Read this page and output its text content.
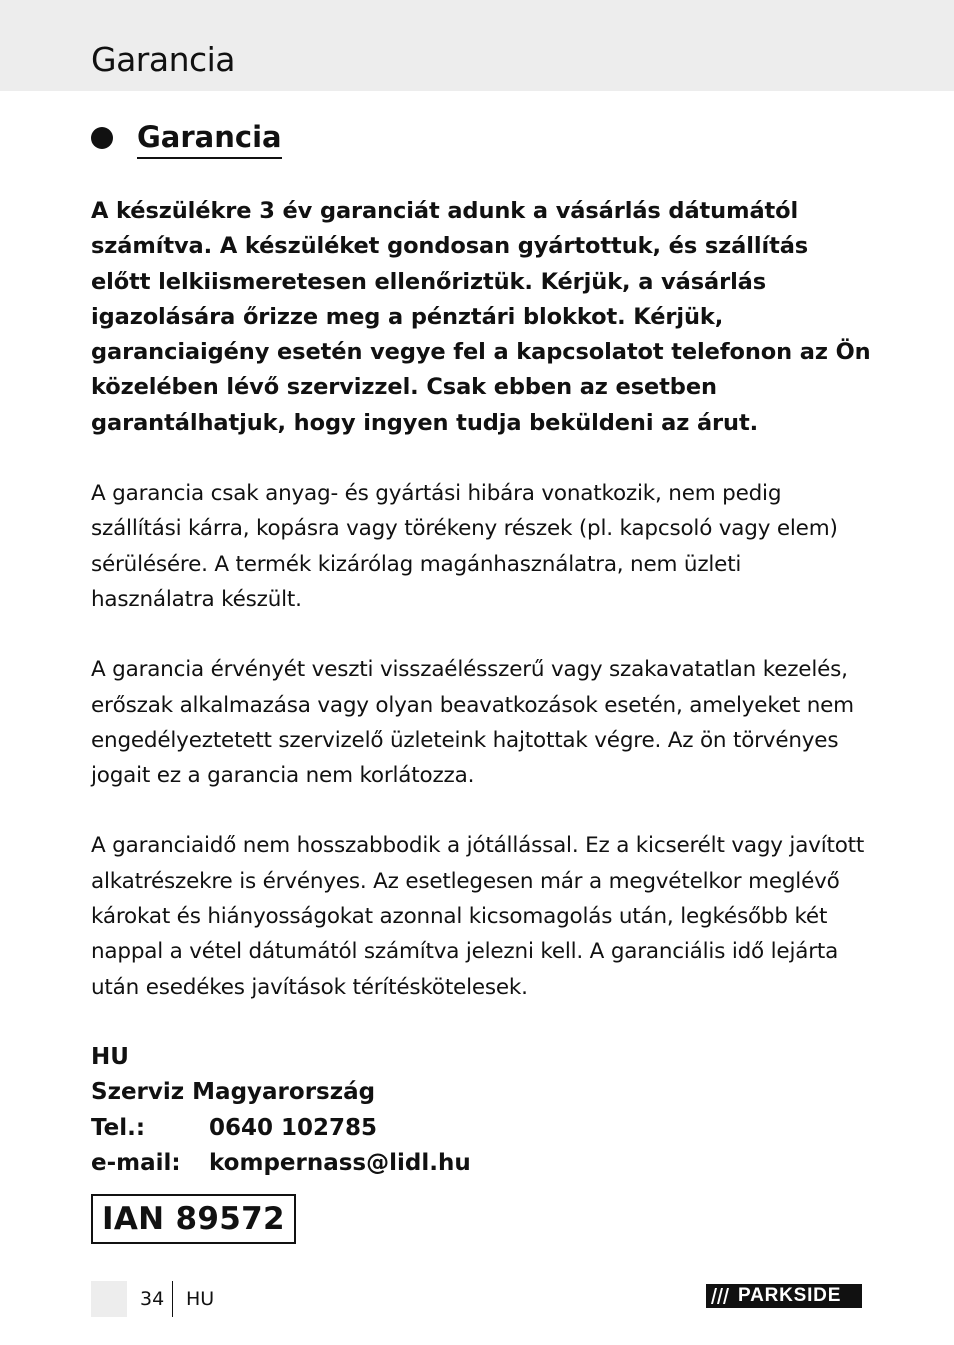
Garancia
Garancia

A készülékre 3 év garanciát adunk a vásárlás dátumától számítva. A készüléket gondosan gyártottuk, és szállítás előtt lelkiismeretesen ellenőriztük. Kérjük, a vásárlás igazolására őrizze meg a pénztári blokkot. Kérjük, garanciaigény esetén vegye fel a kapcsolatot telefonon az Ön közelében lévő szervizzel. Csak ebben az esetben garantálhatjuk, hogy ingyen tudja beküldeni az árut.

A garancia csak anyag- és gyártási hibára vonatkozik, nem pedig szállítási kárra, kopásra vagy törékeny részek (pl. kapcsoló vagy elem) sérülésére. A termék kizárólag magánhasználatra, nem üzleti használatra készült.

A garancia érvényét veszti visszaélésszerű vagy szakavatatlan kezelés, erőszak alkalmazása vagy olyan beavatkozások esetén, amelyeket nem engedélyeztetett szervizelő üzleteink hajtottak végre. Az ön törvényes jogait ez a garancia nem korlátozza.

A garanciaidő nem hosszabbodik a jótállással. Ez a kicserélt vagy javított alkatrészekre is érvényes. Az esetlegesen már a megvételkor meglévő károkat és hiányosságokat azonnal kicsomagolás után, legkésőbb két nappal a vétel dátumától számítva jelezni kell. A garanciális idő lejárta után esedékes javítások térítéskötelesek.

HU
Szerviz Magyarország
Tel.:	0640 102785
e-mail:	kompernass@lidl.hu
IAN 89572
34 HU	PARKSIDE
